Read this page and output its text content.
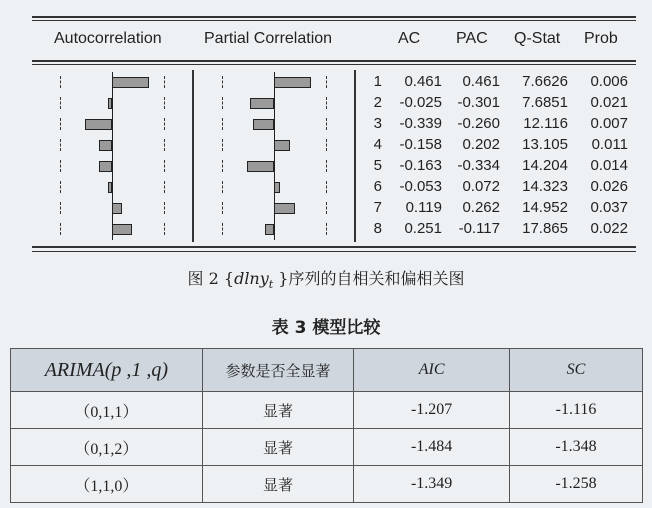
Autocorrelation	Partial Correlation	AC PAC Q-Stat Prob
1 0.461 0.461 7.6626 0.006
2 -0.025 -0.301 7.6851 0.021
3 -0.339 -0.260 12.116 0.007
4 -0.158 0.202 13.105 0.011
5 -0.163 -0.334 14.204 0.014
6 -0.053 0.072 14.323 0.026
7 0.119 0.262 14.952 0.037
8 0.251 -0.117 17.865 0.022
图 2 {dlny$_t$ }序列的自相关和偏相关图
表 3 模型比较
ARIMA(p ,1 ,q)	参数是否全显著	AIC	SC
（0,1,1）	显著	-1.207	-1.116
（0,1,2）	显著	-1.484	-1.348
（1,1,0）	显著	-1.349	-1.258
